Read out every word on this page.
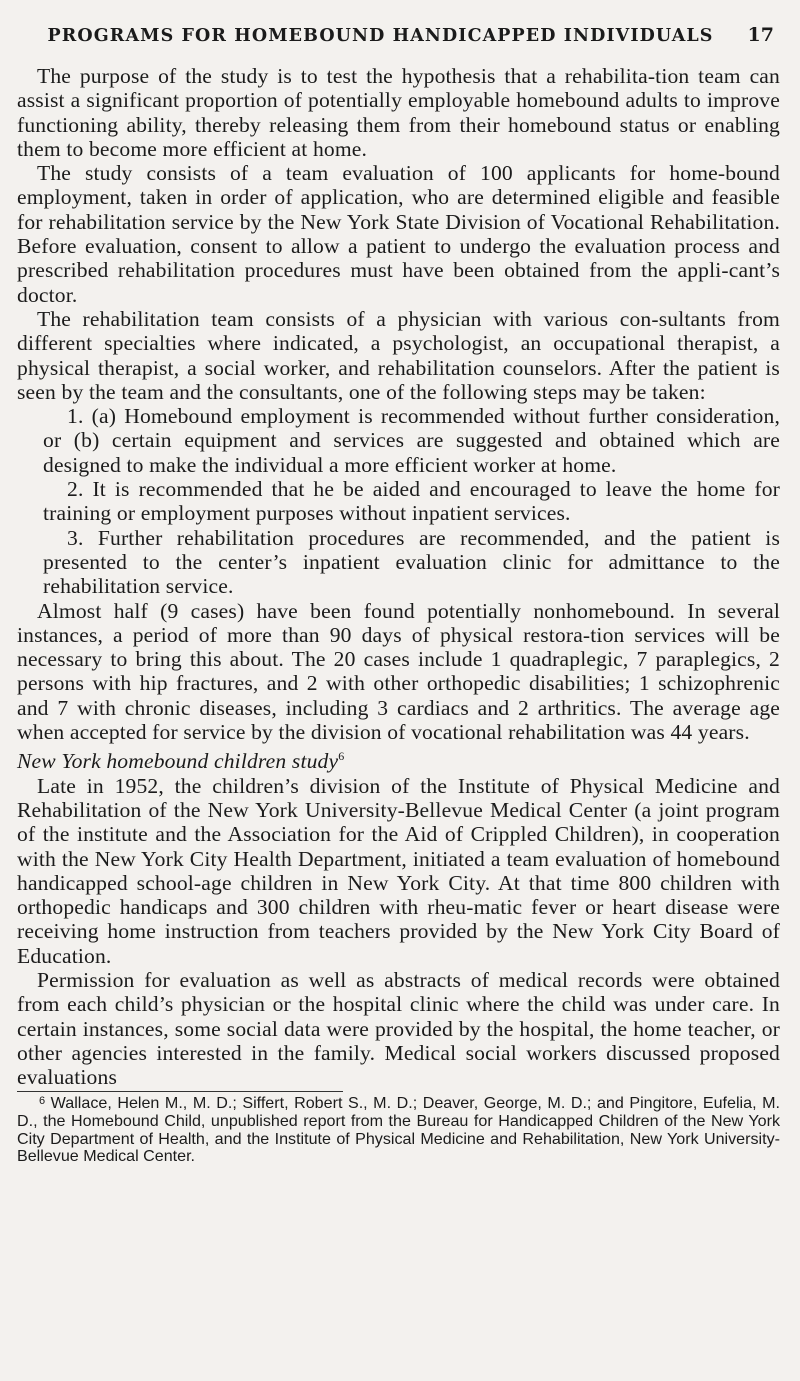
PROGRAMS FOR HOMEBOUND HANDICAPPED INDIVIDUALS 17

The purpose of the study is to test the hypothesis that a rehabilita-tion team can assist a significant proportion of potentially employable homebound adults to improve functioning ability, thereby releasing them from their homebound status or enabling them to become more efficient at home.

The study consists of a team evaluation of 100 applicants for home-bound employment, taken in order of application, who are determined eligible and feasible for rehabilitation service by the New York State Division of Vocational Rehabilitation. Before evaluation, consent to allow a patient to undergo the evaluation process and prescribed rehabilitation procedures must have been obtained from the appli-cant’s doctor.

The rehabilitation team consists of a physician with various con-sultants from different specialties where indicated, a psychologist, an occupational therapist, a physical therapist, a social worker, and rehabilitation counselors. After the patient is seen by the team and the consultants, one of the following steps may be taken:

1. (a) Homebound employment is recommended without further consideration, or (b) certain equipment and services are suggested and obtained which are designed to make the individual a more efficient worker at home.

2. It is recommended that he be aided and encouraged to leave the home for training or employment purposes without inpatient services.

3. Further rehabilitation procedures are recommended, and the patient is presented to the center’s inpatient evaluation clinic for admittance to the rehabilitation service.

Almost half (9 cases) have been found potentially nonhomebound. In several instances, a period of more than 90 days of physical restora-tion services will be necessary to bring this about. The 20 cases include 1 quadraplegic, 7 paraplegics, 2 persons with hip fractures, and 2 with other orthopedic disabilities; 1 schizophrenic and 7 with chronic diseases, including 3 cardiacs and 2 arthritics. The average age when accepted for service by the division of vocational rehabilitation was 44 years.

New York homebound children study$^6$

Late in 1952, the children’s division of the Institute of Physical Medicine and Rehabilitation of the New York University-Bellevue Medical Center (a joint program of the institute and the Association for the Aid of Crippled Children), in cooperation with the New York City Health Department, initiated a team evaluation of homebound handicapped school-age children in New York City. At that time 800 children with orthopedic handicaps and 300 children with rheu-matic fever or heart disease were receiving home instruction from teachers provided by the New York City Board of Education.

Permission for evaluation as well as abstracts of medical records were obtained from each child’s physician or the hospital clinic where the child was under care. In certain instances, some social data were provided by the hospital, the home teacher, or other agencies interested in the family. Medical social workers discussed proposed evaluations

$^6$ Wallace, Helen M., M. D.; Siffert, Robert S., M. D.; Deaver, George, M. D.; and Pingitore, Eufelia, M. D., the Homebound Child, unpublished report from the Bureau for Handicapped Children of the New York City Department of Health, and the Institute of Physical Medicine and Rehabilitation, New York University-Bellevue Medical Center.
